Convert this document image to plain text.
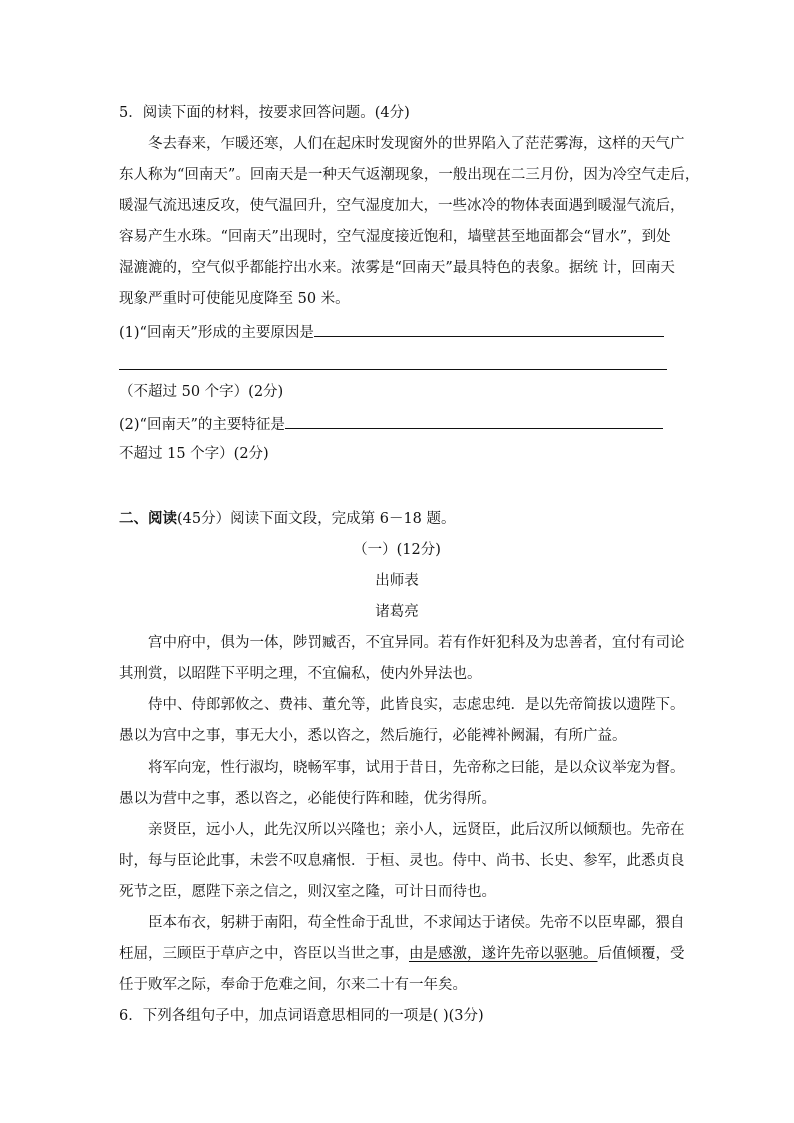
5．阅读下面的材料，按要求回答问题。(4分)
冬去春来，乍暖还寒，人们在起床时发现窗外的世界陷入了茫茫雾海，这样的天气广
东人称为“回南天”。回南天是一种天气返潮现象，一般出现在二三月份，因为冷空气走后，
暖湿气流迅速反攻，使气温回升，空气湿度加大，一些冰冷的物体表面遇到暖湿气流后，
容易产生水珠。“回南天”出现时，空气湿度接近饱和，墙壁甚至地面都会“冒水”，到处
湿漉漉的，空气似乎都能拧出水来。浓雾是“回南天”最具特色的表象。据统 计，回南天
现象严重时可使能见度降至 50 米。
(1)“回南天”形成的主要原因是
（不超过 50 个字）(2分)
(2)“回南天”的主要特征是
不超过 15 个字）(2分)
二、阅读(45分）阅读下面文段，完成第 6－18 题。
（一）(12分)
出师表
诸葛亮
宫中府中，俱为一体，陟罚臧否，不宜异同。若有作奸犯科及为忠善者，宜付有司论
其刑赏，以昭陛下平明之理，不宜偏私，使内外异法也。
侍中、侍郎郭攸之、费祎、董允等，此皆良实，志虑忠纯．是以先帝简拔以遗陛下。
愚以为宫中之事，事无大小，悉以咨之，然后施行，必能裨补阙漏，有所广益。
将军向宠，性行淑均，晓畅军事，试用于昔日，先帝称之曰能，是以众议举宠为督。
愚以为营中之事，悉以咨之，必能使行阵和睦，优劣得所。
亲贤臣，远小人，此先汉所以兴隆也；亲小人，远贤臣，此后汉所以倾颓也。先帝在
时，每与臣论此事，未尝不叹息痛恨．于桓、灵也。侍中、尚书、长史、参军，此悉贞良
死节之臣，愿陛下亲之信之，则汉室之隆，可计日而待也。
臣本布衣，躬耕于南阳，苟全性命于乱世，不求闻达于诸侯。先帝不以臣卑鄙，猥自
枉屈，三顾臣于草庐之中，咨臣以当世之事，由是感激，遂许先帝以驱驰。后值倾覆，受
任于败军之际，奉命于危难之间，尔来二十有一年矣。
6．下列各组句子中，加点词语意思相同的一项是( )(3分)
